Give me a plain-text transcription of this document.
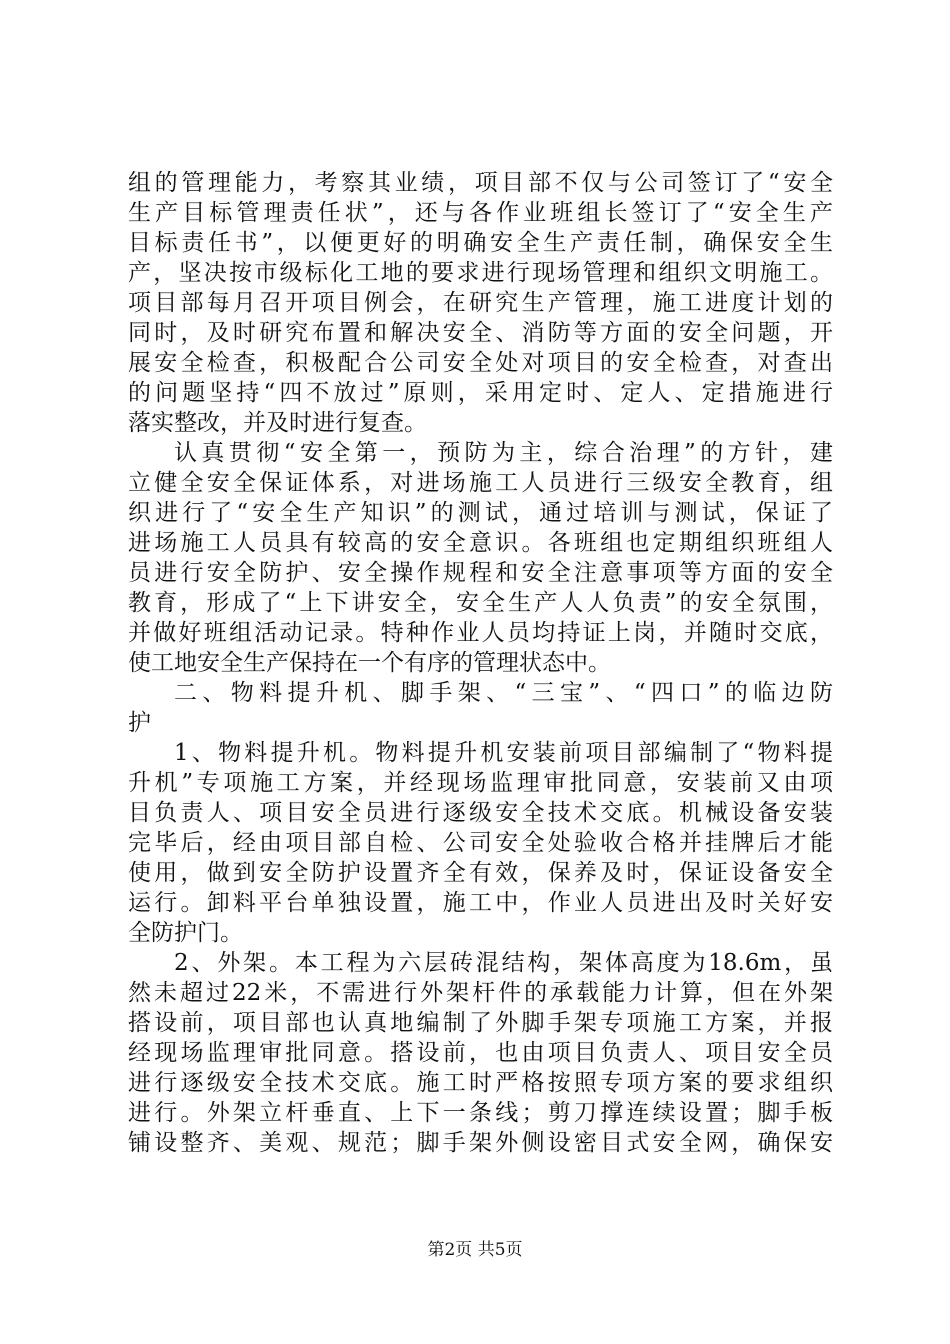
组的管理能力，考察其业绩，项目部不仅与公司签订了“安全
生产目标管理责任状”，还与各作业班组长签订了“安全生产
目标责任书”，以便更好的明确安全生产责任制，确保安全生
产，坚决按市级标化工地的要求进行现场管理和组织文明施工。
项目部每月召开项目例会，在研究生产管理，施工进度计划的
同时，及时研究布置和解决安全、消防等方面的安全问题，开
展安全检查，积极配合公司安全处对项目的安全检查，对查出
的问题坚持“四不放过”原则，采用定时、定人、定措施进行
落实整改，并及时进行复查。
认真贯彻“安全第一，预防为主，综合治理”的方针，建
立健全安全保证体系，对进场施工人员进行三级安全教育，组
织进行了“安全生产知识”的测试，通过培训与测试，保证了
进场施工人员具有较高的安全意识。各班组也定期组织班组人
员进行安全防护、安全操作规程和安全注意事项等方面的安全
教育，形成了“上下讲安全，安全生产人人负责”的安全氛围，
并做好班组活动记录。特种作业人员均持证上岗，并随时交底，
使工地安全生产保持在一个有序的管理状态中。
二、物料提升机、脚手架、“三宝”、“四口”的临边防
护
1、物料提升机。物料提升机安装前项目部编制了“物料提
升机”专项施工方案，并经现场监理审批同意，安装前又由项
目负责人、项目安全员进行逐级安全技术交底。机械设备安装
完毕后，经由项目部自检、公司安全处验收合格并挂牌后才能
使用，做到安全防护设置齐全有效，保养及时，保证设备安全
运行。卸料平台单独设置，施工中，作业人员进出及时关好安
全防护门。
2、外架。本工程为六层砖混结构，架体高度为18.6m，虽
然未超过22米，不需进行外架杆件的承载能力计算，但在外架
搭设前，项目部也认真地编制了外脚手架专项施工方案，并报
经现场监理审批同意。搭设前，也由项目负责人、项目安全员
进行逐级安全技术交底。施工时严格按照专项方案的要求组织
进行。外架立杆垂直、上下一条线；剪刀撑连续设置；脚手板
铺设整齐、美观、规范；脚手架外侧设密目式安全网，确保安
第2页 共5页
